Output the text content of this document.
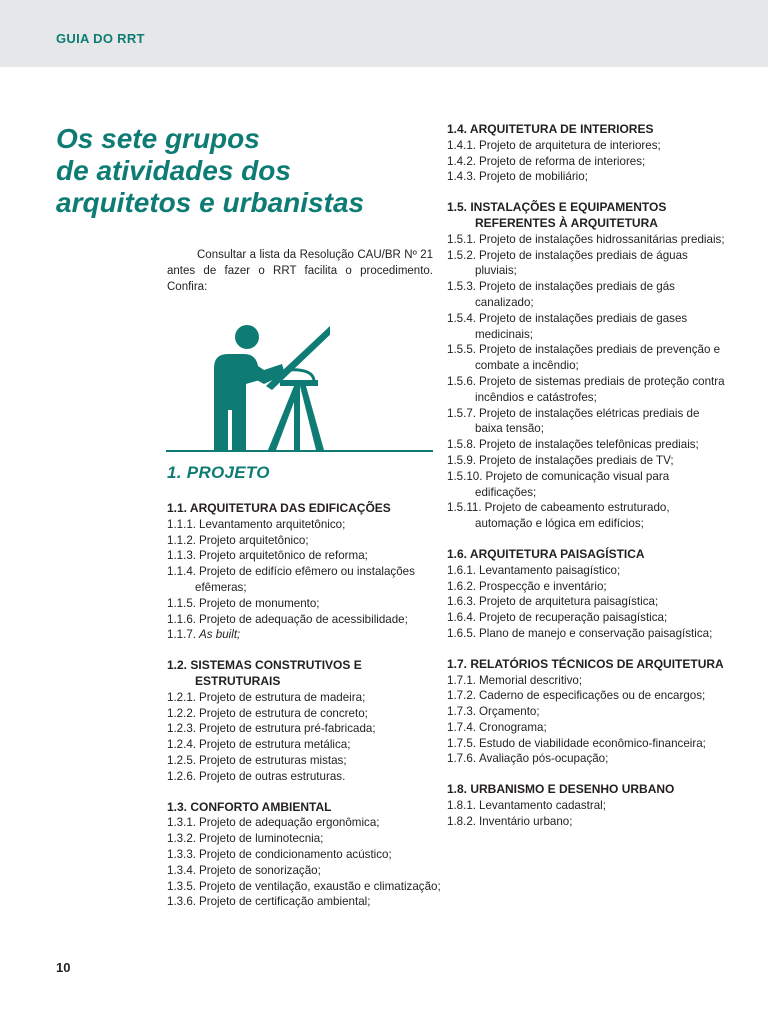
GUIA DO RRT
Os sete grupos
de atividades dos
arquitetos e urbanistas

Consultar a lista da Resolução CAU/BR Nº 21 antes de fazer o RRT facilita o procedimento. Confira:

1. PROJETO
1.1. ARQUITETURA DAS EDIFICAÇÕES
1.1.1. Levantamento arquitetônico;
1.1.2. Projeto arquitetônico;
1.1.3. Projeto arquitetônico de reforma;
1.1.4. Projeto de edifício efêmero ou instalações efêmeras;
1.1.5. Projeto de monumento;
1.1.6. Projeto de adequação de acessibilidade;
1.1.7. As built;
1.2. SISTEMAS CONSTRUTIVOS E ESTRUTURAIS
1.2.1. Projeto de estrutura de madeira;
1.2.2. Projeto de estrutura de concreto;
1.2.3. Projeto de estrutura pré-fabricada;
1.2.4. Projeto de estrutura metálica;
1.2.5. Projeto de estruturas mistas;
1.2.6. Projeto de outras estruturas.
1.3. CONFORTO AMBIENTAL
1.3.1. Projeto de adequação ergonômica;
1.3.2. Projeto de luminotecnia;
1.3.3. Projeto de condicionamento acústico;
1.3.4. Projeto de sonorização;
1.3.5. Projeto de ventilação, exaustão e climatização;
1.3.6. Projeto de certificação ambiental;
1.4. ARQUITETURA DE INTERIORES
1.4.1. Projeto de arquitetura de interiores;
1.4.2. Projeto de reforma de interiores;
1.4.3. Projeto de mobiliário;
1.5. INSTALAÇÕES E EQUIPAMENTOS REFERENTES À ARQUITETURA
1.5.1. Projeto de instalações hidrossanitárias prediais;
1.5.2. Projeto de instalações prediais de águas pluviais;
1.5.3. Projeto de instalações prediais de gás canalizado;
1.5.4. Projeto de instalações prediais de gases medicinais;
1.5.5. Projeto de instalações prediais de prevenção e combate a incêndio;
1.5.6. Projeto de sistemas prediais de proteção contra incêndios e catástrofes;
1.5.7. Projeto de instalações elétricas prediais de baixa tensão;
1.5.8. Projeto de instalações telefônicas prediais;
1.5.9. Projeto de instalações prediais de TV;
1.5.10. Projeto de comunicação visual para edificações;
1.5.11. Projeto de cabeamento estruturado, automação e lógica em edifícios;
1.6. ARQUITETURA PAISAGÍSTICA
1.6.1. Levantamento paisagístico;
1.6.2. Prospecção e inventário;
1.6.3. Projeto de arquitetura paisagística;
1.6.4. Projeto de recuperação paisagística;
1.6.5. Plano de manejo e conservação paisagística;
1.7. RELATÓRIOS TÉCNICOS DE ARQUITETURA
1.7.1. Memorial descritivo;
1.7.2. Caderno de especificações ou de encargos;
1.7.3. Orçamento;
1.7.4. Cronograma;
1.7.5. Estudo de viabilidade econômico-financeira;
1.7.6. Avaliação pós-ocupação;
1.8. URBANISMO E DESENHO URBANO
1.8.1. Levantamento cadastral;
1.8.2. Inventário urbano;
10
